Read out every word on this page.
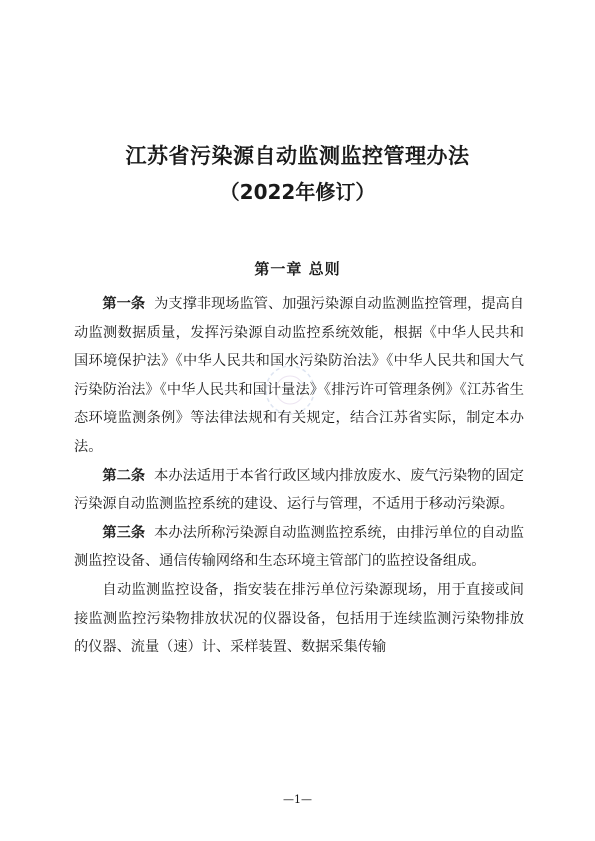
江苏省污染源自动监测监控管理办法
（2022年修订）
第一章 总则

第一条 为支撑非现场监管、加强污染源自动监测监控管理，提高自动监测数据质量，发挥污染源自动监控系统效能，根据《中华人民共和国环境保护法》《中华人民共和国水污染防治法》《中华人民共和国大气污染防治法》《中华人民共和国计量法》《排污许可管理条例》《江苏省生态环境监测条例》等法律法规和有关规定，结合江苏省实际，制定本办法。

第二条 本办法适用于本省行政区域内排放废水、废气污染物的固定污染源自动监测监控系统的建设、运行与管理，不适用于移动污染源。

第三条 本办法所称污染源自动监测监控系统，由排污单位的自动监测监控设备、通信传输网络和生态环境主管部门的监控设备组成。

自动监测监控设备，指安装在排污单位污染源现场，用于直接或间接监测监控污染物排放状况的仪器设备，包括用于连续监测污染物排放的仪器、流量（速）计、采样装置、数据采集传输

—1—
